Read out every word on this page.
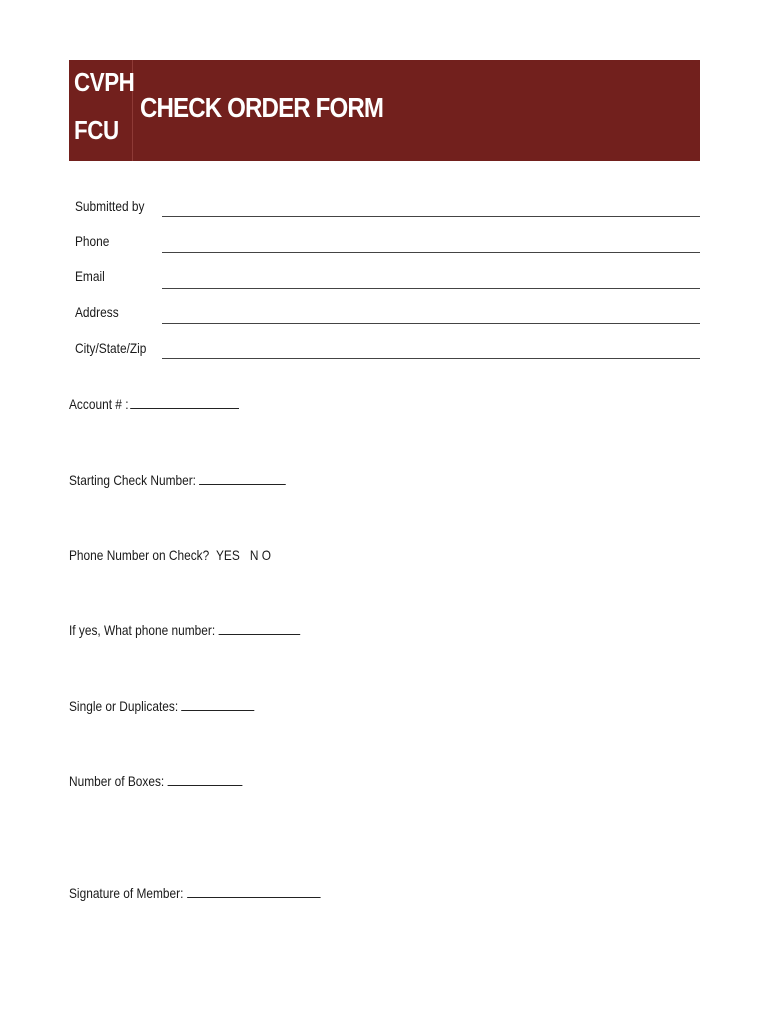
CVPH
FCU
CHECK ORDER FORM
Submitted by
Phone
Email
Address
City/State/Zip
Account # :
Starting Check Number:
Phone Number on Check? YES N O
If yes, What phone number:
Single or Duplicates:
Number of Boxes:
Signature of Member:
